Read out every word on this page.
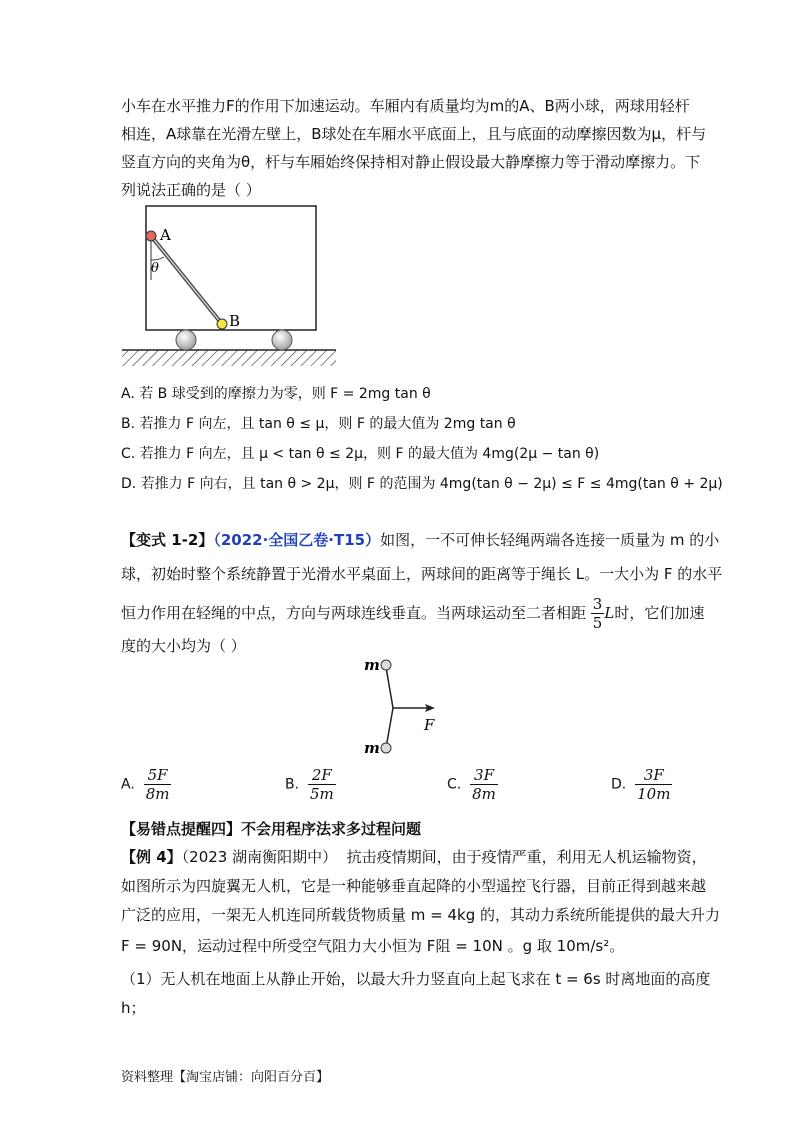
小车在水平推力F的作用下加速运动。车厢内有质量均为m的A、B两小球，两球用轻杆
相连，A球靠在光滑左壁上，B球处在车厢水平底面上，且与底面的动摩擦因数为μ，杆与
竖直方向的夹角为θ，杆与车厢始终保持相对静止假设最大静摩擦力等于滑动摩擦力。下
列说法正确的是（ ）
A
B
θ
A. 若 B 球受到的摩擦力为零，则 F = 2mg tan θ
B. 若推力 F 向左，且 tan θ ≤ μ，则 F 的最大值为 2mg tan θ
C. 若推力 F 向左，且 μ < tan θ ≤ 2μ，则 F 的最大值为 4mg(2μ − tan θ)
D. 若推力 F 向右，且 tan θ > 2μ，则 F 的范围为 4mg(tan θ − 2μ) ≤ F ≤ 4mg(tan θ + 2μ)
【变式 1-2】（2022·全国乙卷·T15）如图，一不可伸长轻绳两端各连接一质量为 m 的小
球，初始时整个系统静置于光滑水平桌面上，两球间的距离等于绳长 L。一大小为 F 的水平
恒力作用在轻绳的中点，方向与两球连线垂直。当两球运动至二者相距 $\frac{3}{5}$ L时，它们加速
度的大小均为（ ）
m
m
F
A. $\frac{5F}{8m}$	B. $\frac{2F}{5m}$	C. $\frac{3F}{8m}$	D. $\frac{3F}{10m}$
【易错点提醒四】不会用程序法求多过程问题
【例 4】（2023 湖南衡阳期中） 抗击疫情期间，由于疫情严重，利用无人机运输物资，
如图所示为四旋翼无人机，它是一种能够垂直起降的小型遥控飞行器，目前正得到越来越
广泛的应用，一架无人机连同所载货物质量 m = 4kg 的，其动力系统所能提供的最大升力
F = 90N，运动过程中所受空气阻力大小恒为 F阻 = 10N 。g 取 10m/s²。
（1）无人机在地面上从静止开始，以最大升力竖直向上起飞求在 t = 6s 时离地面的高度
h；
资料整理【淘宝店铺：向阳百分百】
